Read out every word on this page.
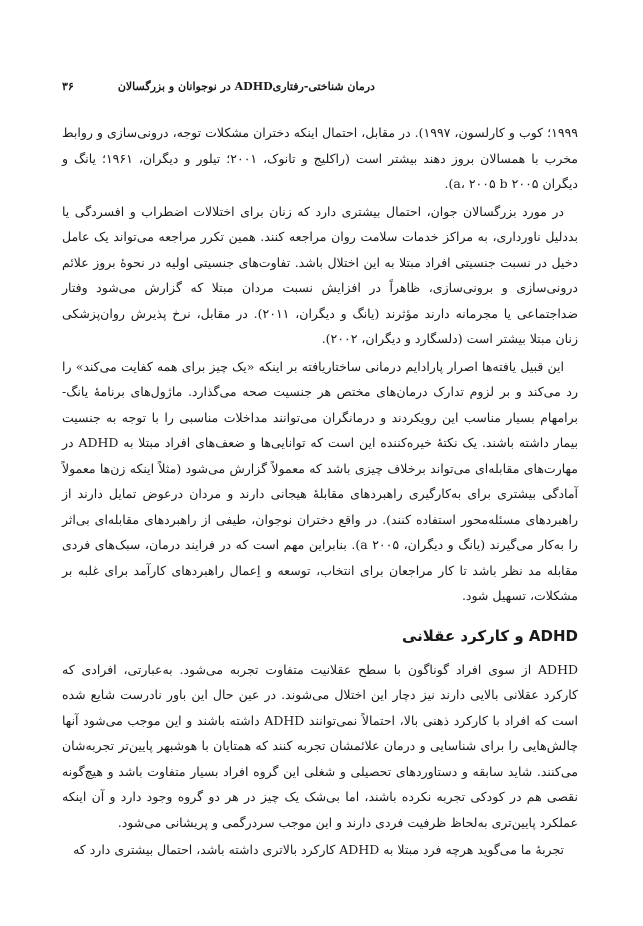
۳۶	درمان شناختی-رفتاریADHD در نوجوانان و بزرگسالان

۱۹۹۹؛ کوب و کارلسون، ۱۹۹۷). در مقابل، احتمال اینکه دختران مشکلات توجه، درونی‌سازی و روابط مخرب با همسالان بروز دهند بیشتر است (راکلیج و تانوک، ۲۰۰۱؛ تیلور و دیگران، ۱۹۶۱؛ یانگ و دیگران ۲۰۰۵ a، ۲۰۰۵ b).

در مورد بزرگسالان جوان، احتمال بیشتری دارد که زنان برای اختلالات اضطراب و افسردگی یا بددلیل ناورداری، به مراکز خدمات سلامت روان مراجعه کنند. همین تکرر مراجعه می‌تواند یک عامل دخیل در نسبت جنسیتی افراد مبتلا به این اختلال باشد. تفاوت‌های جنسیتی اولیه در نحوهٔ بروز علائم درونی‌سازی و برونی‌سازی، ظاهراً در افزایش نسبت مردان مبتلا که گزارش می‌شود وفتار ضداجتماعی یا مجرمانه دارند مؤثرند (یانگ و دیگران، ۲۰۱۱). در مقابل، نرخ پذیرش روان‌پزشکی زنان مبتلا بیشتر است (دلسگارد و دیگران، ۲۰۰۲).

این قبیل یافته‌ها اصرار پارادایم درمانی ساختاریافته بر اینکه «یک چیز برای همه کفایت می‌کند» را رد می‌کند و بر لزوم تدارک درمان‌های مختص هر جنسیت صحه می‌گذارد. ماژول‌های برنامهٔ یانگ-برامهام بسیار مناسب این رویکردند و درمانگران می‌توانند مداخلات مناسبی را با توجه به جنسیت بیمار داشته باشند. یک نکتهٔ خیره‌کننده این است که توانایی‌ها و ضعف‌های افراد مبتلا به ADHD در مهارت‌های مقابله‌ای می‌تواند برخلاف چیزی باشد که معمولاً گزارش می‌شود (مثلاً اینکه زن‌ها معمولاً آمادگی بیشتری برای به‌کارگیری راهبردهای مقابلهٔ هیجانی دارند و مردان درعوض تمایل دارند از راهبردهای مسئله‌محور استفاده کنند). در واقع دختران نوجوان، طیفی از راهبردهای مقابله‌ای بی‌اثر را به‌کار می‌گیرند (یانگ و دیگران، ۲۰۰۵ a). بنابراین مهم است که در فرایند درمان، سبک‌های فردی مقابله مد نظر باشد تا کار مراجعان برای انتخاب، توسعه و اِعمال راهبردهای کارآمد برای غلبه بر مشکلات، تسهیل شود.

ADHD و کارکرد عقلانی

ADHD از سوی افراد گوناگون با سطح عقلانیت متفاوت تجربه می‌شود. به‌عبارتی، افرادی که کارکرد عقلانی بالایی دارند نیز دچار این اختلال می‌شوند. در عین حال این باور نادرست شایع شده است که افراد با کارکرد ذهنی بالا، احتمالاً نمی‌توانند ADHD داشته باشند و این موجب می‌شود آنها چالش‌هایی را برای شناسایی و درمان علائمشان تجربه کنند که همتایان با هوشبهر پایین‌تر تجربه‌شان می‌کنند. شاید سابقه و دستاوردهای تحصیلی و شغلی این گروه افراد بسیار متفاوت باشد و هیچ‌گونه نقصی هم در کودکی تجربه نکرده باشند، اما بی‌شک یک چیز در هر دو گروه وجود دارد و آن اینکه عملکرد پایین‌تری به‌لحاظ ظرفیت فردی دارند و این موجب سردرگمی و پریشانی می‌شود.

تجربهٔ ما می‌گوید هرچه فرد مبتلا به ADHD کارکرد بالاتری داشته باشد، احتمال بیشتری دارد که
